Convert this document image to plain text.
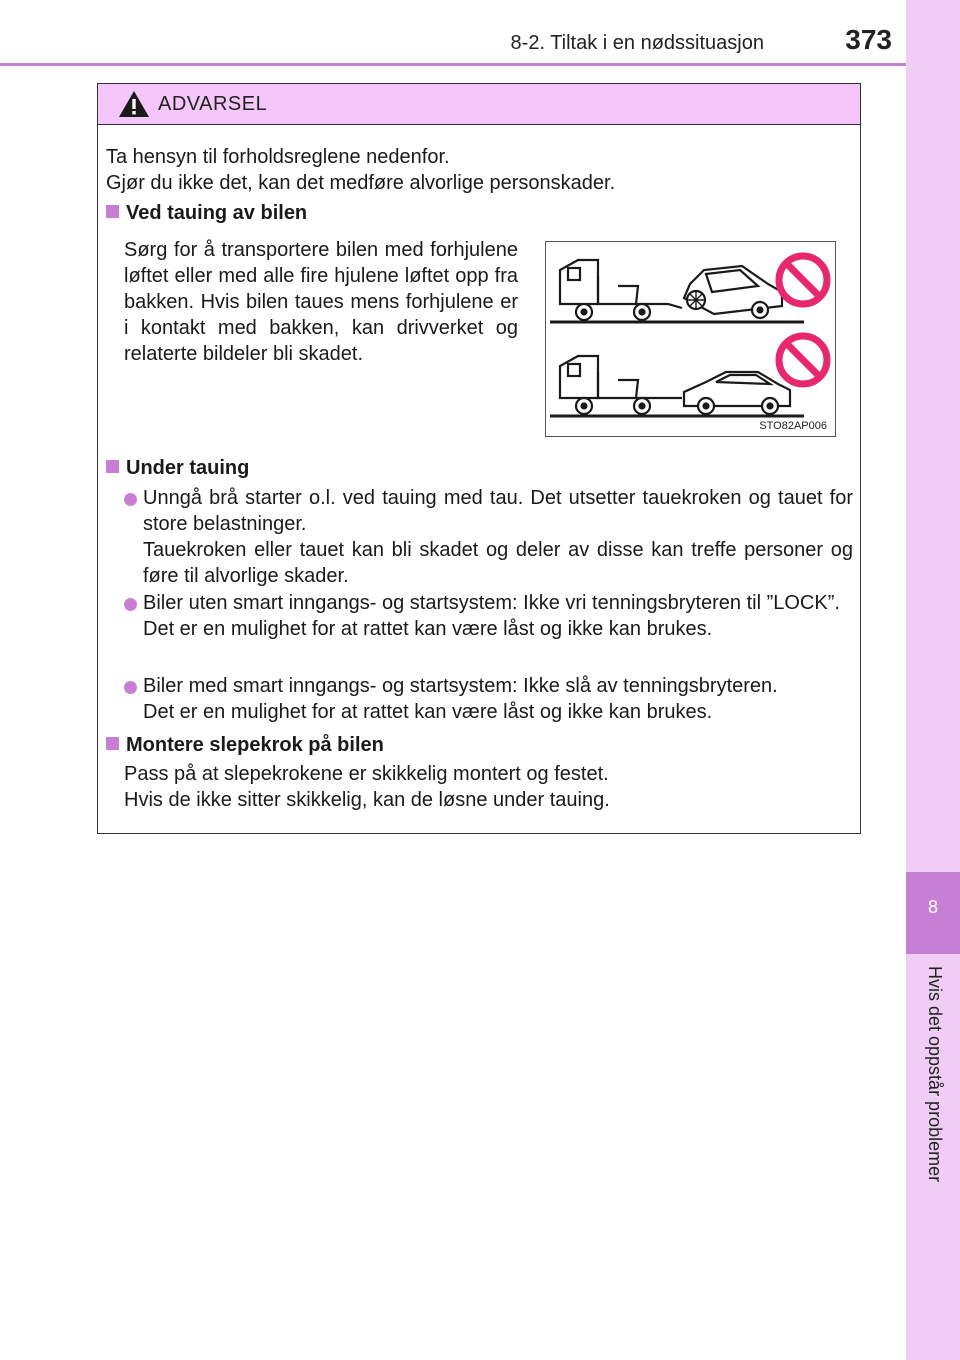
8-2. Tiltak i en nødssituasjon	373
8
Hvis det oppstår problemer
ADVARSEL
Ta hensyn til forholdsreglene nedenfor.
Gjør du ikke det, kan det medføre alvorlige personskader.
Ved tauing av bilen
Sørg for å transportere bilen med forhjulene løftet eller med alle fire hjulene løftet opp fra bakken. Hvis bilen taues mens forhjulene er i kontakt med bakken, kan drivverket og relaterte bildeler bli skadet.
STO82AP006
Under tauing
Unngå brå starter o.l. ved tauing med tau. Det utsetter tauekroken og tauet for store belastninger.
Tauekroken eller tauet kan bli skadet og deler av disse kan treffe personer og føre til alvorlige skader.
Biler uten smart inngangs- og startsystem: Ikke vri tenningsbryteren til ”LOCK”.
Det er en mulighet for at rattet kan være låst og ikke kan brukes.
Biler med smart inngangs- og startsystem: Ikke slå av tenningsbryteren.
Det er en mulighet for at rattet kan være låst og ikke kan brukes.
Montere slepekrok på bilen
Pass på at slepekrokene er skikkelig montert og festet.
Hvis de ikke sitter skikkelig, kan de løsne under tauing.
